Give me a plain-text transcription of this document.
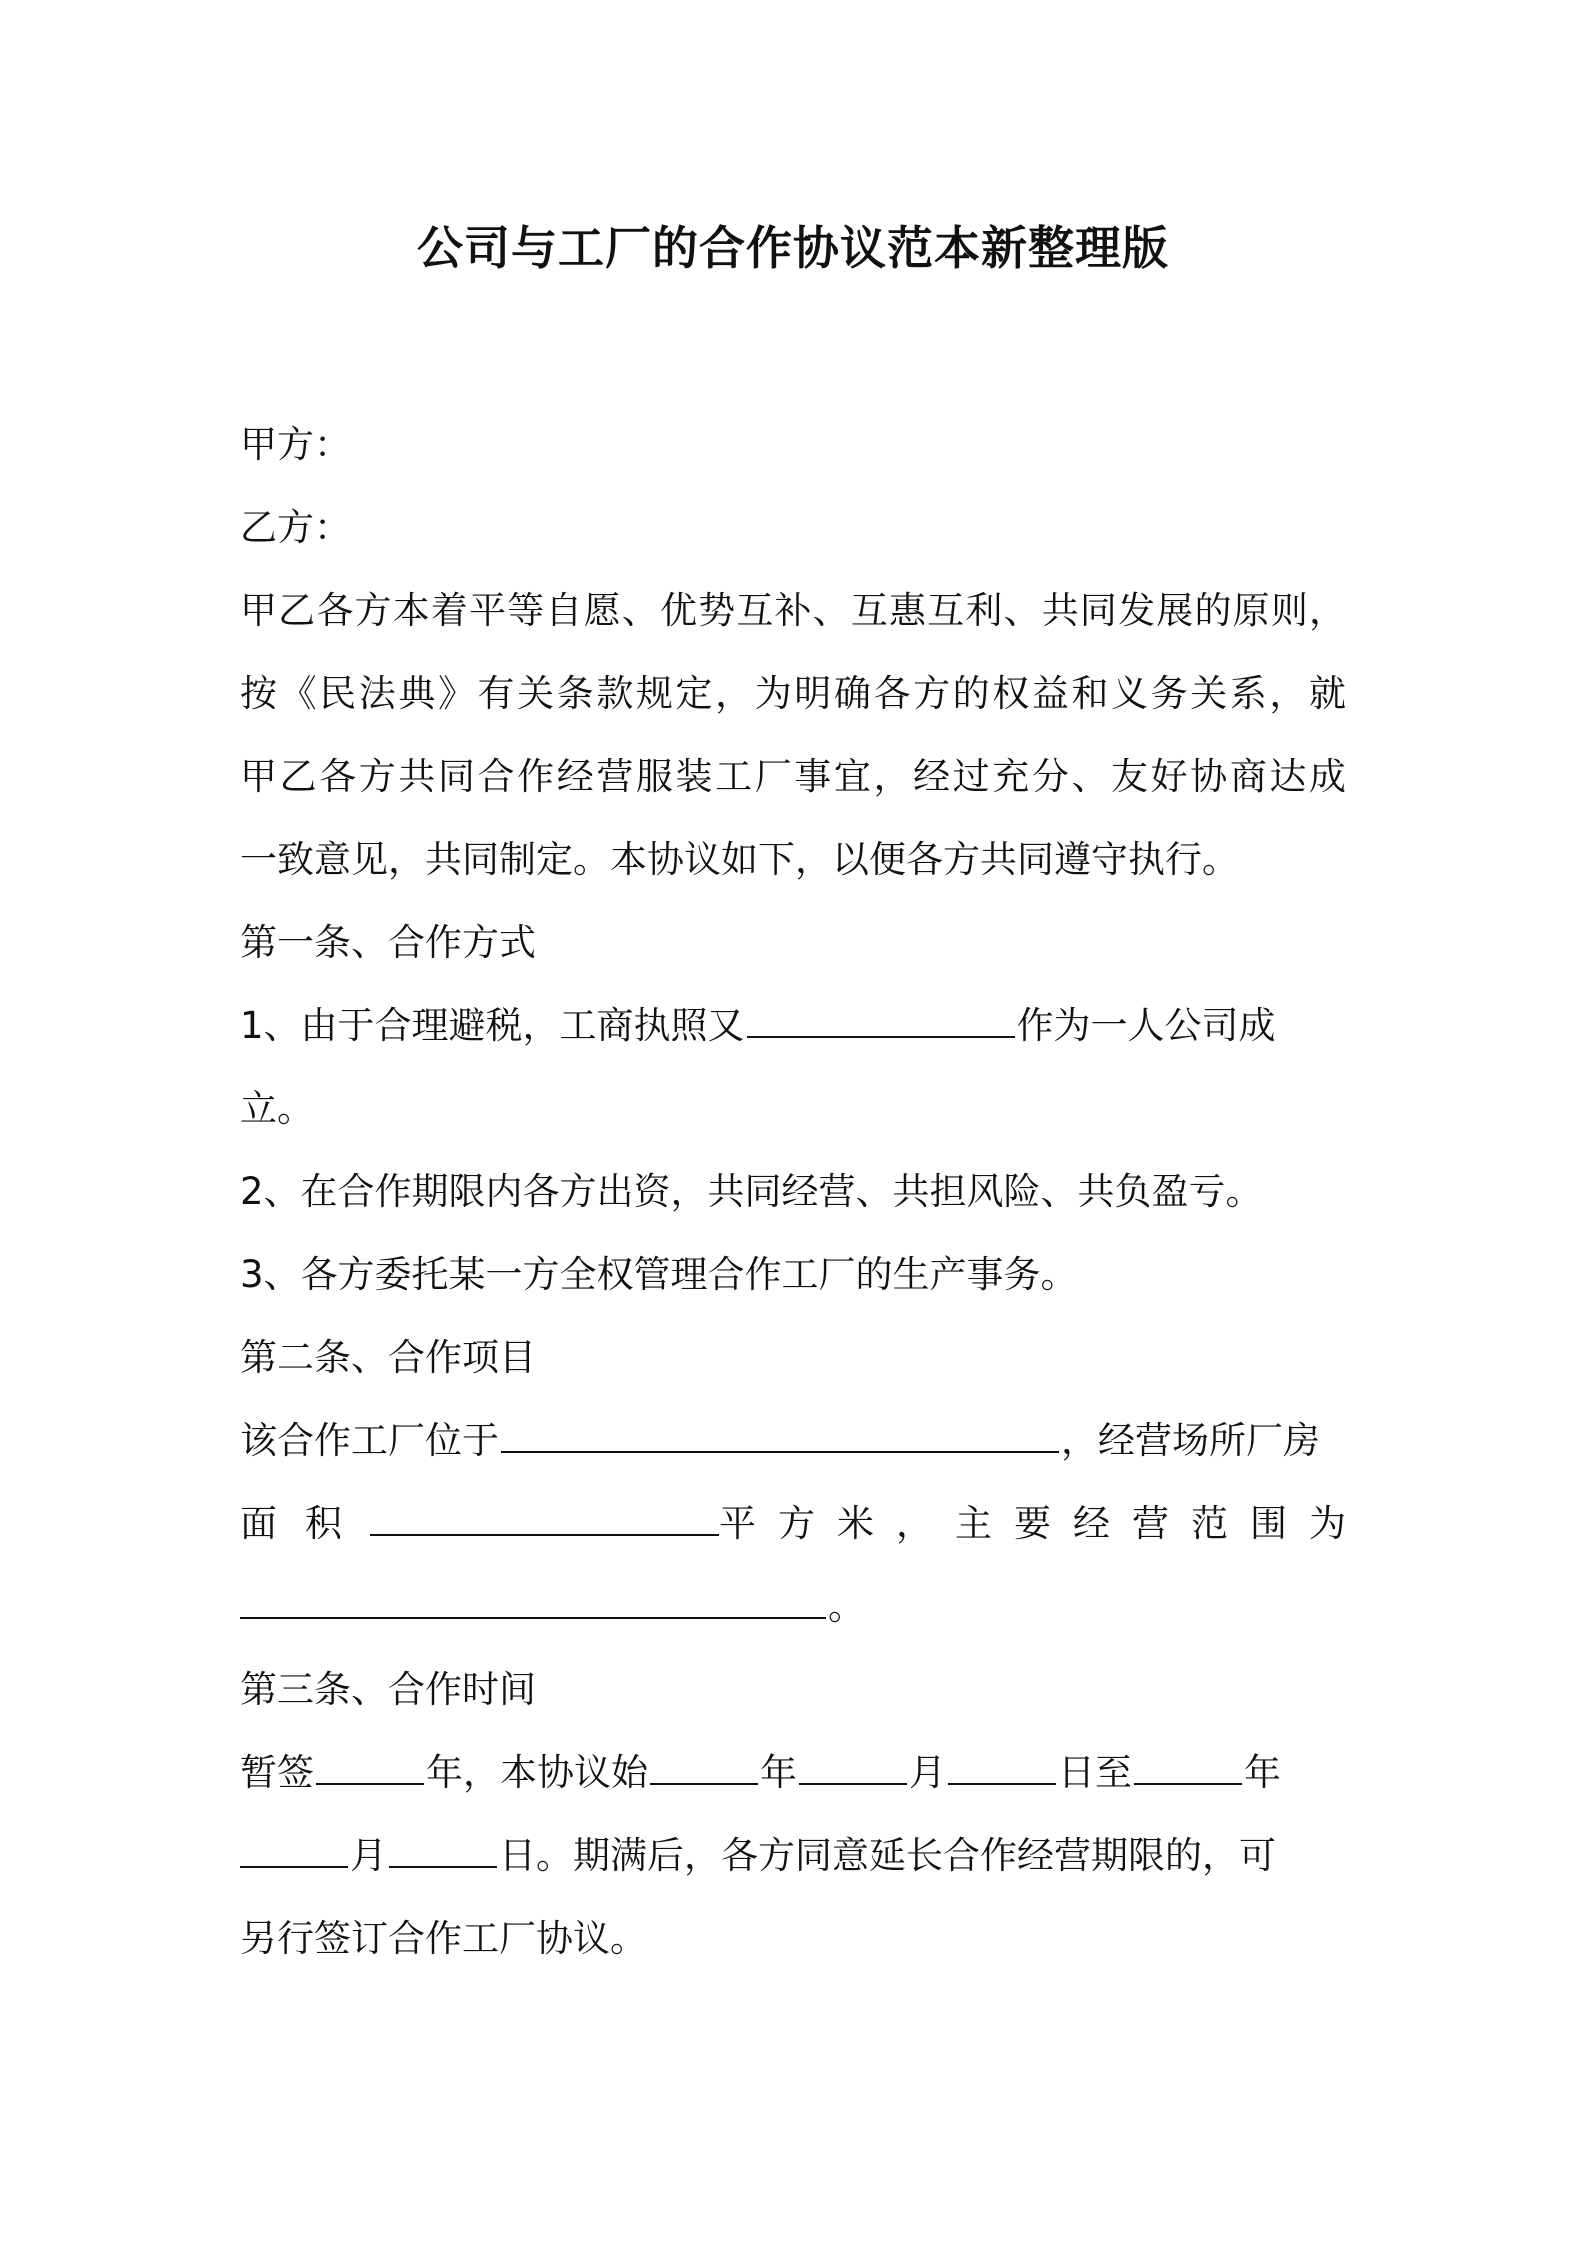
公司与工厂的合作协议范本新整理版
甲方：
乙方：
甲乙各方本着平等自愿、优势互补、互惠互利、共同发展的原则，
按《民法典》有关条款规定，为明确各方的权益和义务关系，就
甲乙各方共同合作经营服装工厂事宜，经过充分、友好协商达成
一致意见，共同制定。本协议如下，以便各方共同遵守执行。
第一条、合作方式
1、由于合理避税，工商执照又	作为一人公司成
立。
2、在合作期限内各方出资，共同经营、共担风险、共负盈亏。
3、各方委托某一方全权管理合作工厂的生产事务。
第二条、合作项目
该合作工厂位于	，经营场所厂房
面积	平方米，主要经营范围为
。
第三条、合作时间
暂签	年，本协议始	年	月	日至	年
月	日。期满后，各方同意延长合作经营期限的，可
另行签订合作工厂协议。
